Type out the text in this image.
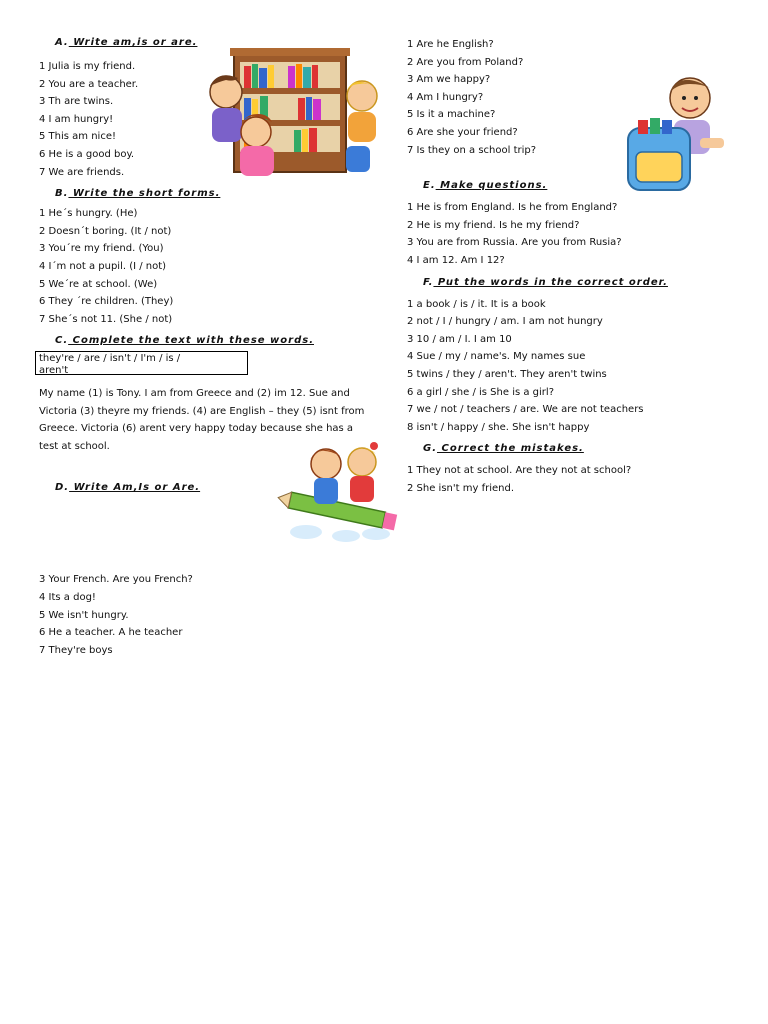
A. Write am,is or are.
1 Julia is my friend.
2 You are a teacher.
3 Th are twins.
4 I am hungry!
5 This am nice!
6 He is a good boy.
7 We are friends.
B. Write the short forms.
1 He´s hungry. (He)
2 Doesn´t boring. (It / not)
3 You´re my friend. (You)
4 I´m not a pupil. (I / not)
5 We´re at school. (We)
6 They ´re children. (They)
7 She´s not 11. (She / not)
C. Complete the text with these words.
they're / are / isn't / I'm / is /
aren't
My name (1) is Tony. I am from Greece and (2) im 12. Sue and Victoria (3) theyre my friends. (4) are English – they (5) isnt from Greece. Victoria (6) arent very happy today because she has a test at school.
D. Write Am,Is or Are.
3 Your French. Are you French?
4 Its a dog!
5 We isn't hungry.
6 He a teacher. A he teacher
7 They're boys
1 Are he English?
2 Are you from Poland?
3 Am we happy?
4 Am I hungry?
5 Is it a machine?
6 Are she your friend?
7 Is they on a school trip?
E. Make questions.
1 He is from England. Is he from England?
2 He is my friend. Is he my friend?
3 You are from Russia. Are you from Rusia?
4 I am 12. Am I 12?
F. Put the words in the correct order.
1 a book / is / it. It is a book
2 not / I / hungry / am. I am not hungry
3 10 / am / I. I am 10
4 Sue / my / name's. My names sue
5 twins / they / aren't. They aren't twins
6 a girl / she / is She is a girl?
7 we / not / teachers / are. We are not teachers
8 isn't / happy / she. She isn't happy
G. Correct the mistakes.
1 They not at school. Are they not at school?
2 She isn't my friend.
